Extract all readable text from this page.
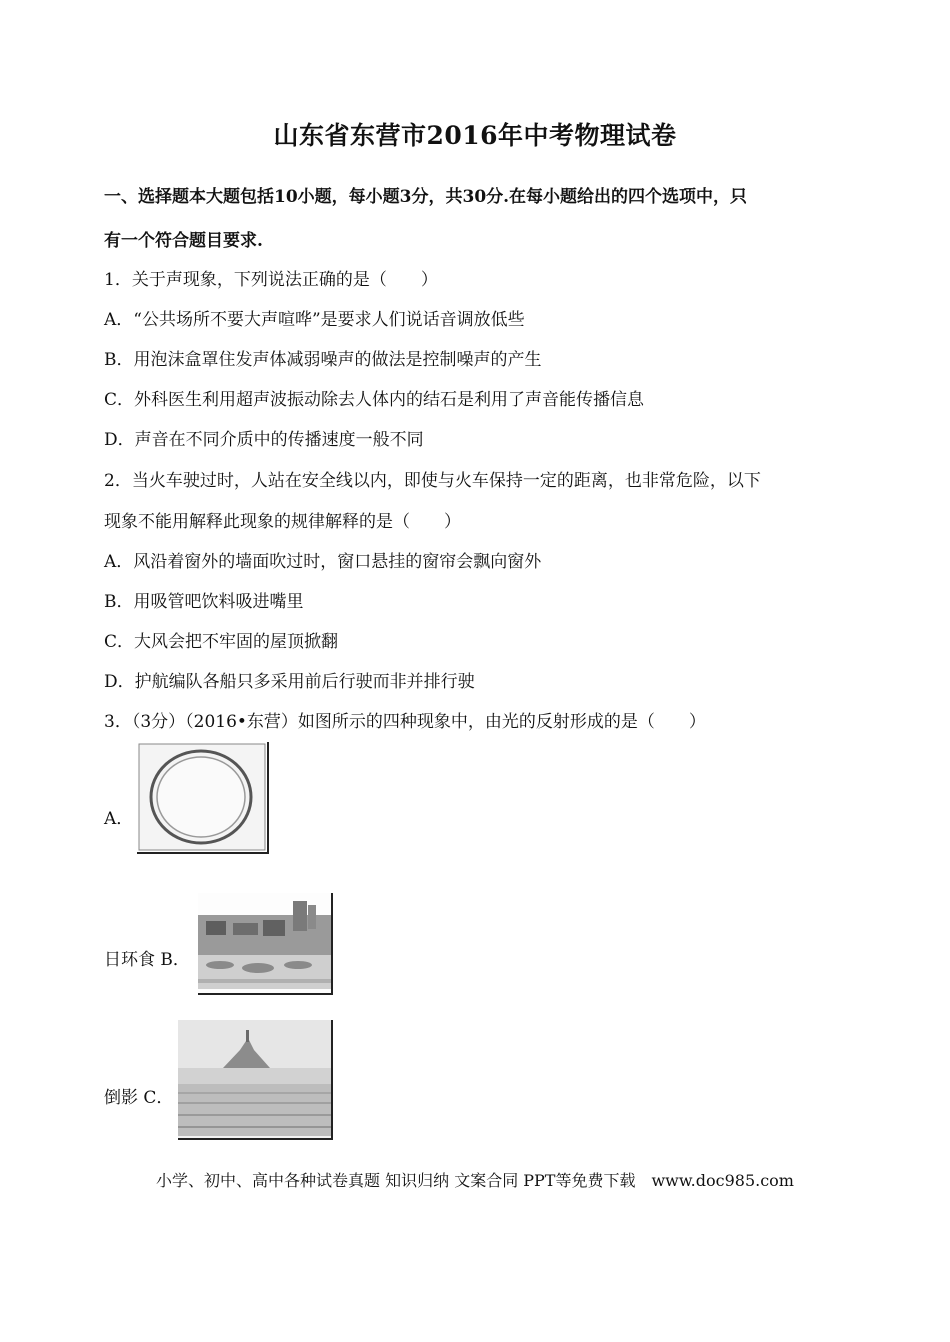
山东省东营市2016年中考物理试卷
一、选择题本大题包括10小题，每小题3分，共30分.在每小题给出的四个选项中，只
有一个符合题目要求.
1．关于声现象，下列说法正确的是（　　）
A．“公共场所不要大声喧哗”是要求人们说话音调放低些
B．用泡沫盒罩住发声体减弱噪声的做法是控制噪声的产生
C．外科医生利用超声波振动除去人体内的结石是利用了声音能传播信息
D．声音在不同介质中的传播速度一般不同
2．当火车驶过时，人站在安全线以内，即使与火车保持一定的距离，也非常危险，以下
现象不能用解释此现象的规律解释的是（　　）
A．风沿着窗外的墙面吹过时，窗口悬挂的窗帘会飘向窗外
B．用吸管吧饮料吸进嘴里
C．大风会把不牢固的屋顶掀翻
D．护航编队各船只多采用前后行驶而非并排行驶
3．（3分）（2016•东营）如图所示的四种现象中，由光的反射形成的是（　　）
A．
日环食 B．
倒影 C．
小学、初中、高中各种试卷真题 知识归纳 文案合同 PPT等免费下载　www.doc985.com
